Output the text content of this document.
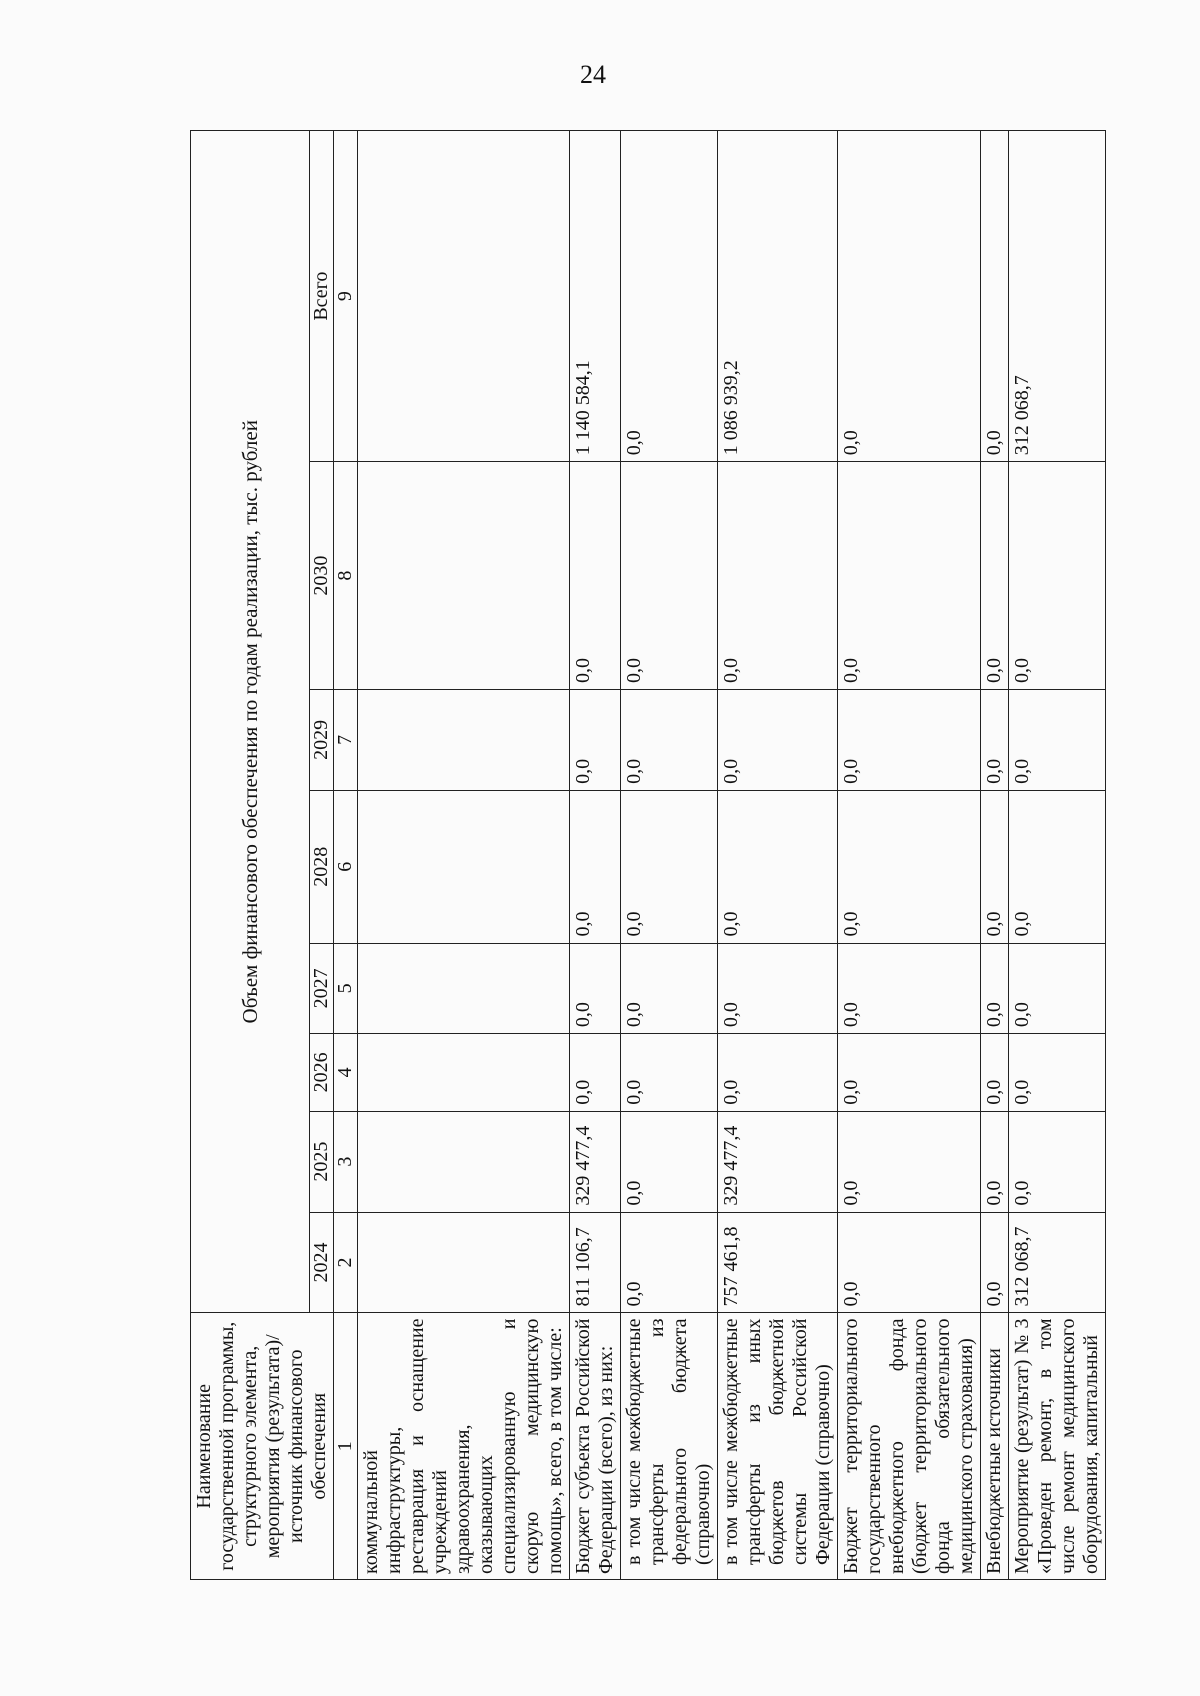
24
Наименование государственной программы, структурного элемента, мероприятия (результата)/источник финансового обеспечения	Объем финансового обеспечения по годам реализации, тыс. рублей							
	2024	2025	2026	2027	2028	2029	2030	Всего
1	2	3	4	5	6	7	8	9
коммунальной инфраструктуры, реставрация и оснащение учреждений здравоохранения, оказывающих специализированную и скорую медицинскую помощь», всего, в том числе:								
Бюджет субъекта Российской Федерации (всего), из них:	811 106,7	329 477,4	0,0	0,0	0,0	0,0	0,0	1 140 584,1
в том числе межбюджетные трансферты из федерального бюджета (справочно)	0,0	0,0	0,0	0,0	0,0	0,0	0,0	0,0
в том числе межбюджетные трансферты из иных бюджетов бюджетной системы Российской Федерации (справочно)	757 461,8	329 477,4	0,0	0,0	0,0	0,0	0,0	1 086 939,2
Бюджет территориального государственного внебюджетного фонда (бюджет территориального фонда обязательного медицинского страхования)	0,0	0,0	0,0	0,0	0,0	0,0	0,0	0,0
Внебюджетные источники	0,0	0,0	0,0	0,0	0,0	0,0	0,0	0,0
Мероприятие (результат) № 3 «Проведен ремонт, в том числе ремонт медицинского оборудования, капитальный	312 068,7	0,0	0,0	0,0	0,0	0,0	0,0	312 068,7
